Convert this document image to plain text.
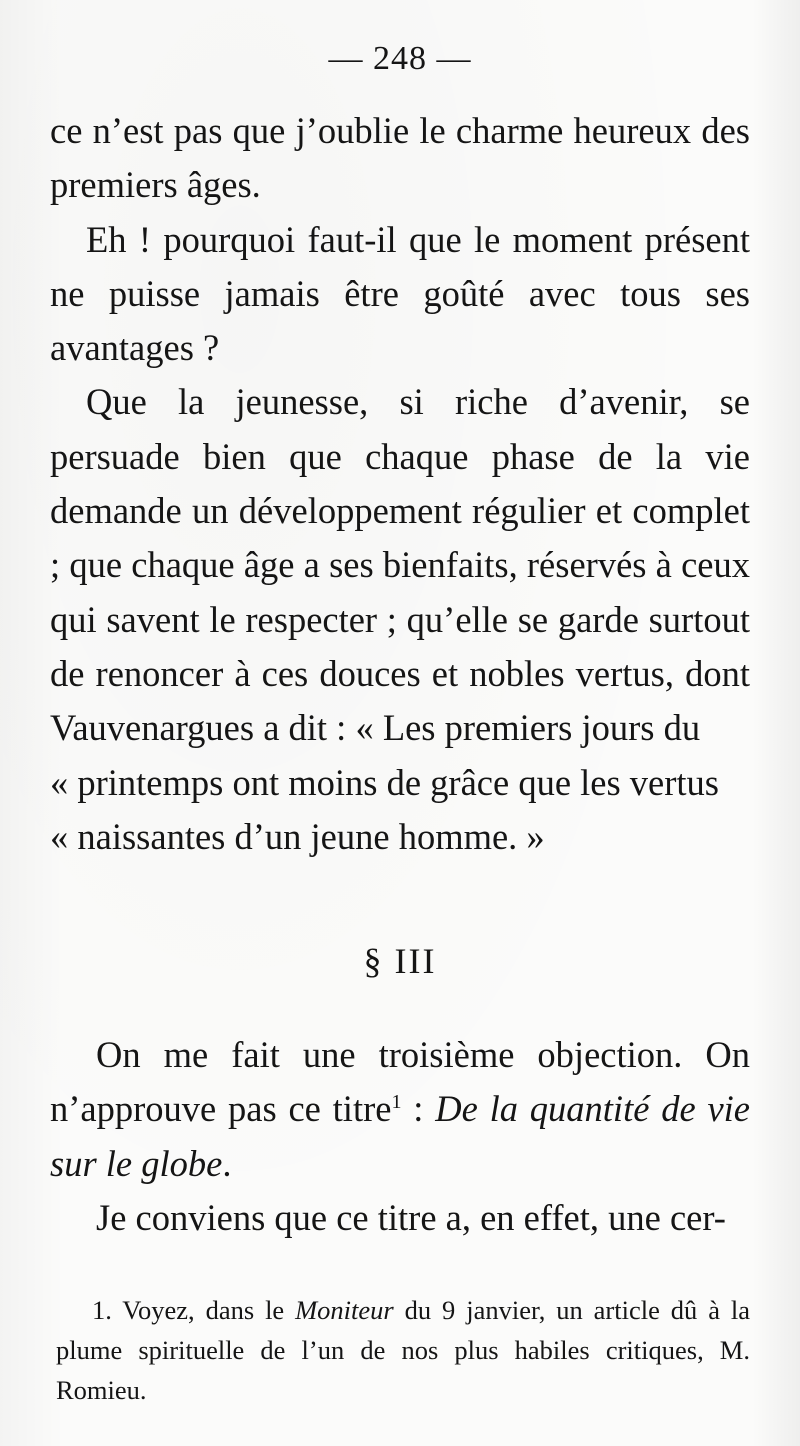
— 248 —

ce n’est pas que j’oublie le charme heureux des premiers âges.

Eh ! pourquoi faut-il que le moment présent ne puisse jamais être goûté avec tous ses avantages ?

Que la jeunesse, si riche d’avenir, se persuade bien que chaque phase de la vie demande un développement régulier et complet ; que chaque âge a ses bienfaits, réservés à ceux qui savent le respecter ; qu’elle se garde surtout de renoncer à ces douces et nobles vertus, dont Vauvenargues a dit : « Les premiers jours du

« printemps ont moins de grâce que les vertus

« naissantes d’un jeune homme. »

§ III

On me fait une troisième objection. On n’approuve pas ce titre$^1$ : De la quantité de vie sur le globe.

Je conviens que ce titre a, en effet, une cer-

1. Voyez, dans le Moniteur du 9 janvier, un article dû à la plume spirituelle de l’un de nos plus habiles critiques, M. Romieu.
